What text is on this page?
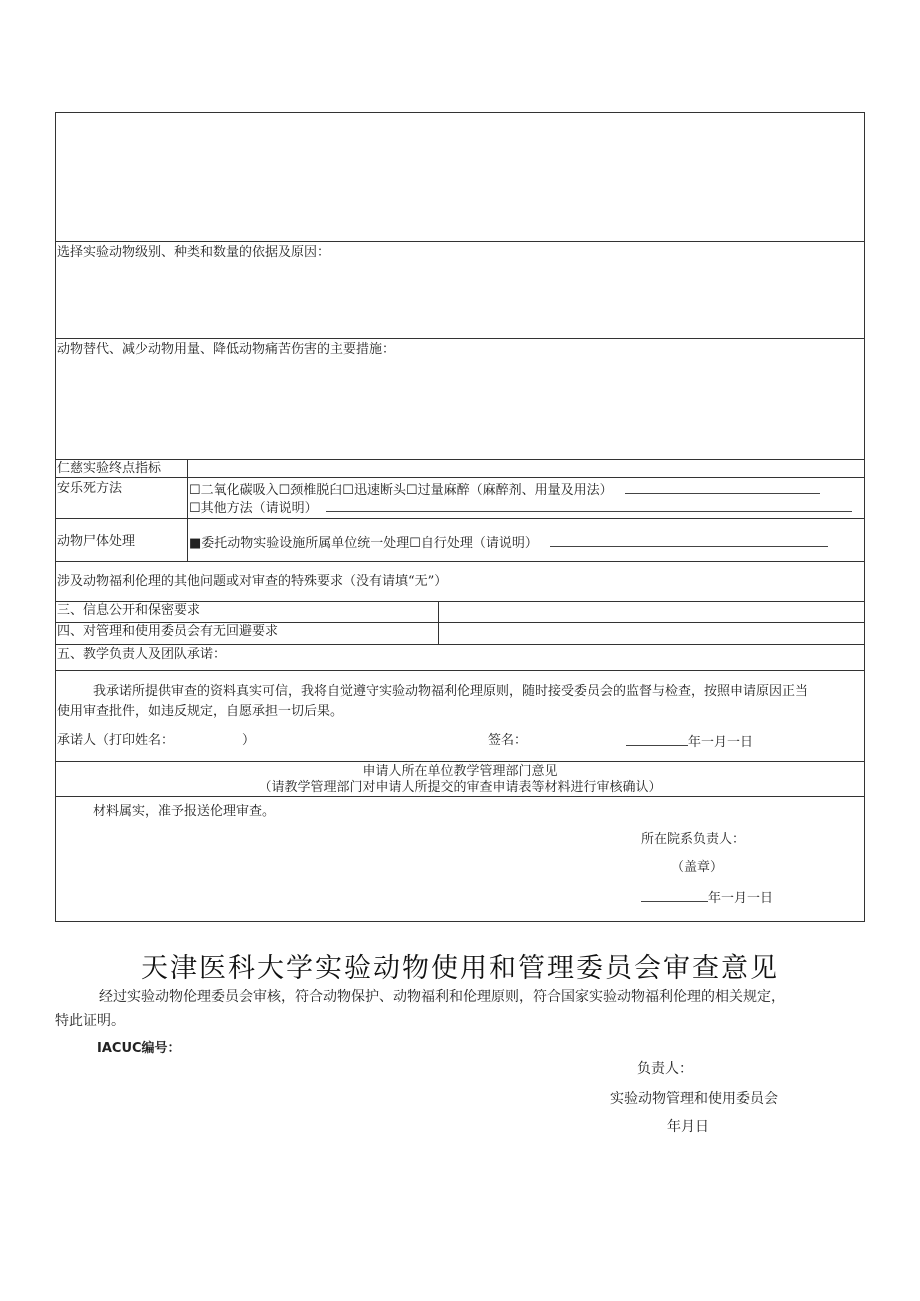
选择实验动物级别、种类和数量的依据及原因：
动物替代、减少动物用量、降低动物痛苦伤害的主要措施：
仁慈实验终点指标
安乐死方法	☐二氧化碳吸入☐颈椎脱臼☐迅速断头☐过量麻醉（麻醉剂、用量及用法）
☐其他方法（请说明）
动物尸体处理	■委托动物实验设施所属单位统一处理☐自行处理（请说明）
涉及动物福利伦理的其他问题或对审查的特殊要求（没有请填“无”）
三、信息公开和保密要求
四、对管理和使用委员会有无回避要求
五、教学负责人及团队承诺：
我承诺所提供审查的资料真实可信，我将自觉遵守实验动物福利伦理原则，随时接受委员会的监督与检查，按照申请原因正当
使用审查批件，如违反规定，自愿承担一切后果。
承诺人（打印姓名：	）	签名：	年一月一日
申请人所在单位教学管理部门意见
（请教学管理部门对申请人所提交的审查申请表等材料进行审核确认）
材料属实，准予报送伦理审查。
所在院系负责人：
（盖章）
年一月一日
天津医科大学实验动物使用和管理委员会审查意见
经过实验动物伦理委员会审核，符合动物保护、动物福利和伦理原则，符合国家实验动物福利伦理的相关规定，
特此证明。
IACUC编号：
负责人：
实验动物管理和使用委员会
年月日
